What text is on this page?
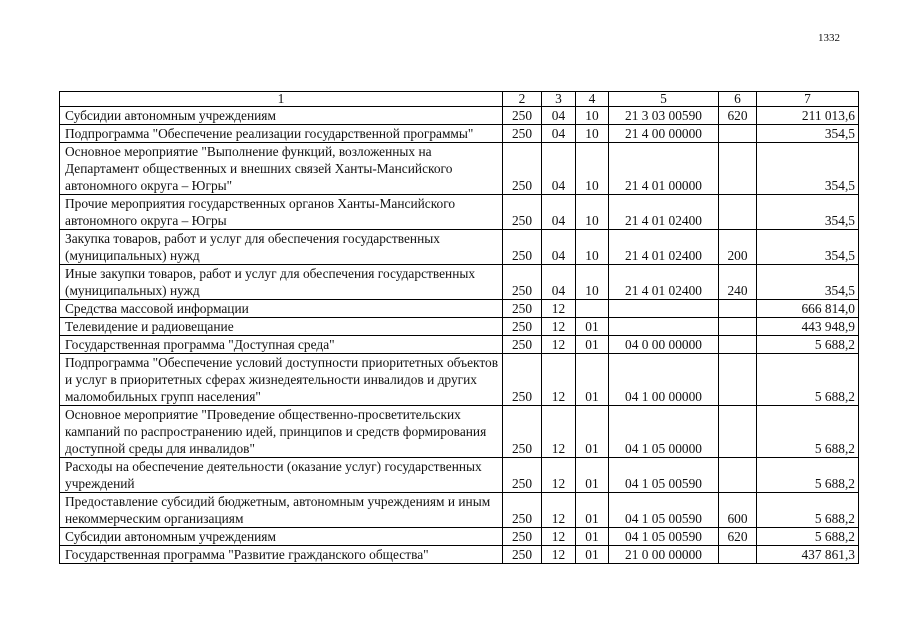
1332
1	2	3	4	5	6	7
Субсидии автономным учреждениям	250	04	10	21 3 03 00590	620	211 013,6
Подпрограмма "Обеспечение реализации государственной программы"	250	04	10	21 4 00 00000		354,5
Основное мероприятие "Выполнение функций, возложенных на Департамент общественных и внешних связей Ханты-Мансийского автономного округа – Югры"	250	04	10	21 4 01 00000		354,5
Прочие мероприятия государственных органов Ханты-Мансийского автономного округа – Югры	250	04	10	21 4 01 02400		354,5
Закупка товаров, работ и услуг для обеспечения государственных (муниципальных) нужд	250	04	10	21 4 01 02400	200	354,5
Иные закупки товаров, работ и услуг для обеспечения государственных (муниципальных) нужд	250	04	10	21 4 01 02400	240	354,5
Средства массовой информации	250	12				666 814,0
Телевидение и радиовещание	250	12	01			443 948,9
Государственная программа "Доступная среда"	250	12	01	04 0 00 00000		5 688,2
Подпрограмма "Обеспечение условий доступности приоритетных объектов и услуг в приоритетных сферах жизнедеятельности инвалидов и других маломобильных групп населения"	250	12	01	04 1 00 00000		5 688,2
Основное мероприятие "Проведение общественно-просветительских кампаний по распространению идей, принципов и средств формирования доступной среды для инвалидов"	250	12	01	04 1 05 00000		5 688,2
Расходы на обеспечение деятельности (оказание услуг) государственных учреждений	250	12	01	04 1 05 00590		5 688,2
Предоставление субсидий бюджетным, автономным учреждениям и иным некоммерческим организациям	250	12	01	04 1 05 00590	600	5 688,2
Субсидии автономным учреждениям	250	12	01	04 1 05 00590	620	5 688,2
Государственная программа "Развитие гражданского общества"	250	12	01	21 0 00 00000		437 861,3
